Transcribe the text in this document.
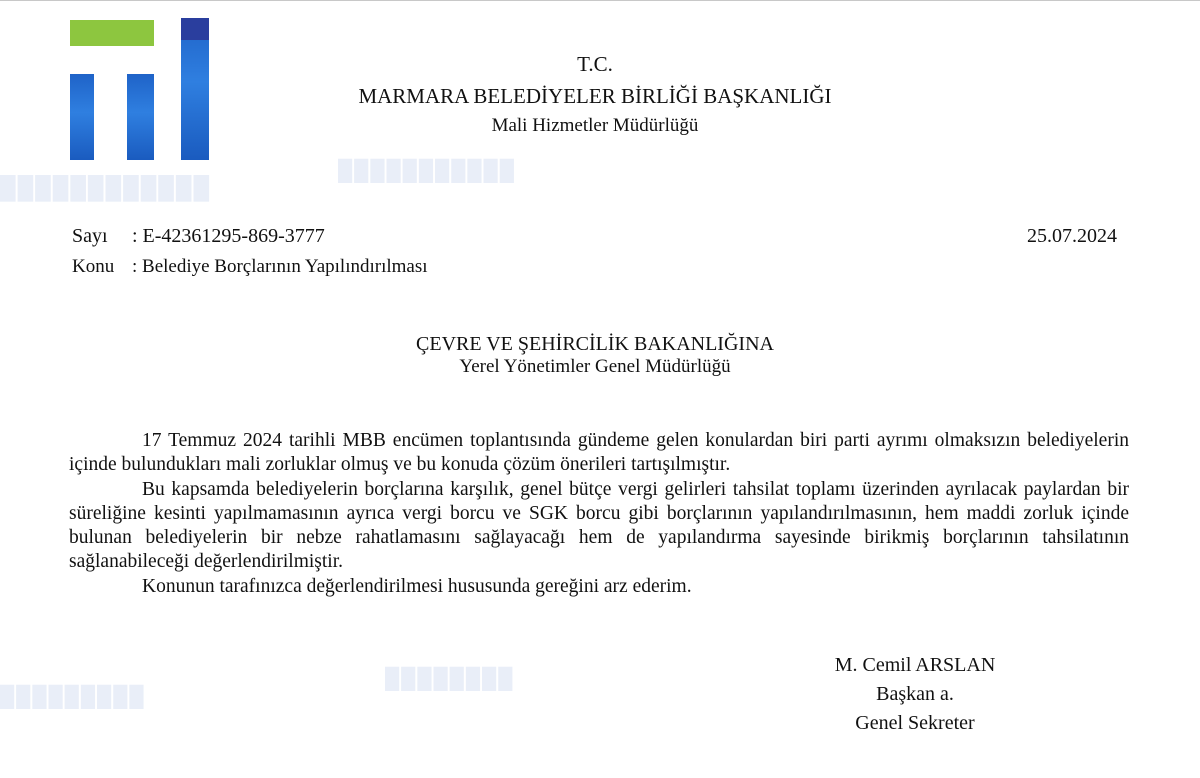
████████████
███████████
█████████
████████
T.C.
MARMARA BELEDİYELER BİRLİĞİ BAŞKANLIĞI
Mali Hizmetler Müdürlüğü
Sayı : E-42361295-869-3777
Konu : Belediye Borçlarının Yapılındırılması
25.07.2024
ÇEVRE VE ŞEHİRCİLİK BAKANLIĞINA
Yerel Yönetimler Genel Müdürlüğü

17 Temmuz 2024 tarihli MBB encümen toplantısında gündeme gelen konulardan biri parti ayrımı olmaksızın belediyelerin içinde bulundukları mali zorluklar olmuş ve bu konuda çözüm önerileri tartışılmıştır.

Bu kapsamda belediyelerin borçlarına karşılık, genel bütçe vergi gelirleri tahsilat toplamı üzerinden ayrılacak paylardan bir süreliğine kesinti yapılmamasının ayrıca vergi borcu ve SGK borcu gibi borçlarının yapılandırılmasının, hem maddi zorluk içinde bulunan belediyelerin bir nebze rahatlamasını sağlayacağı hem de yapılandırma sayesinde birikmiş borçlarının tahsilatının sağlanabileceği değerlendirilmiştir.

Konunun tarafınızca değerlendirilmesi hususunda gereğini arz ederim.

M. Cemil ARSLAN
Başkan a.
Genel Sekreter
